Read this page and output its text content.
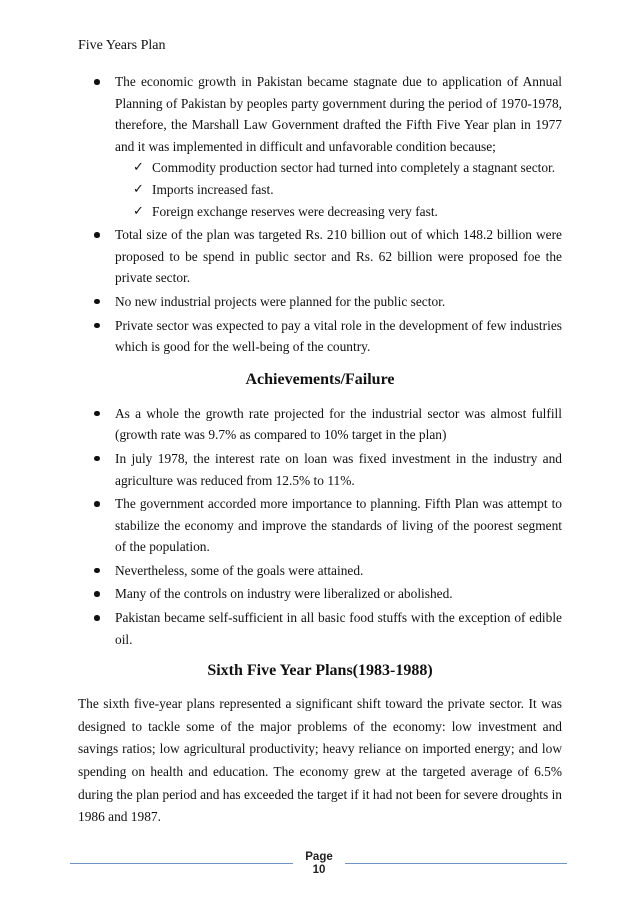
Five Years Plan
The economic growth in Pakistan became stagnate due to application of Annual Planning of Pakistan by peoples party government during the period of 1970-1978, therefore, the Marshall Law Government drafted the Fifth Five Year plan in 1977 and it was implemented in difficult and unfavorable condition because;
✓ Commodity production sector had turned into completely a stagnant sector.
✓ Imports increased fast.
✓ Foreign exchange reserves were decreasing very fast.
Total size of the plan was targeted Rs. 210 billion out of which 148.2 billion were proposed to be spend in public sector and Rs. 62 billion were proposed foe the private sector.
No new industrial projects were planned for the public sector.
Private sector was expected to pay a vital role in the development of few industries which is good for the well-being of the country.
Achievements/Failure
As a whole the growth rate projected for the industrial sector was almost fulfill (growth rate was 9.7% as compared to 10% target in the plan)
In july 1978, the interest rate on loan was fixed investment in the industry and agriculture was reduced from 12.5% to 11%.
The government accorded more importance to planning. Fifth Plan was attempt to stabilize the economy and improve the standards of living of the poorest segment of the population.
Nevertheless, some of the goals were attained.
Many of the controls on industry were liberalized or abolished.
Pakistan became self-sufficient in all basic food stuffs with the exception of edible oil.
Sixth Five Year Plans(1983-1988)

The sixth five-year plans represented a significant shift toward the private sector. It was designed to tackle some of the major problems of the economy: low investment and savings ratios; low agricultural productivity; heavy reliance on imported energy; and low spending on health and education. The economy grew at the targeted average of 6.5% during the plan period and has exceeded the target if it had not been for severe droughts in 1986 and 1987.

Page
10
